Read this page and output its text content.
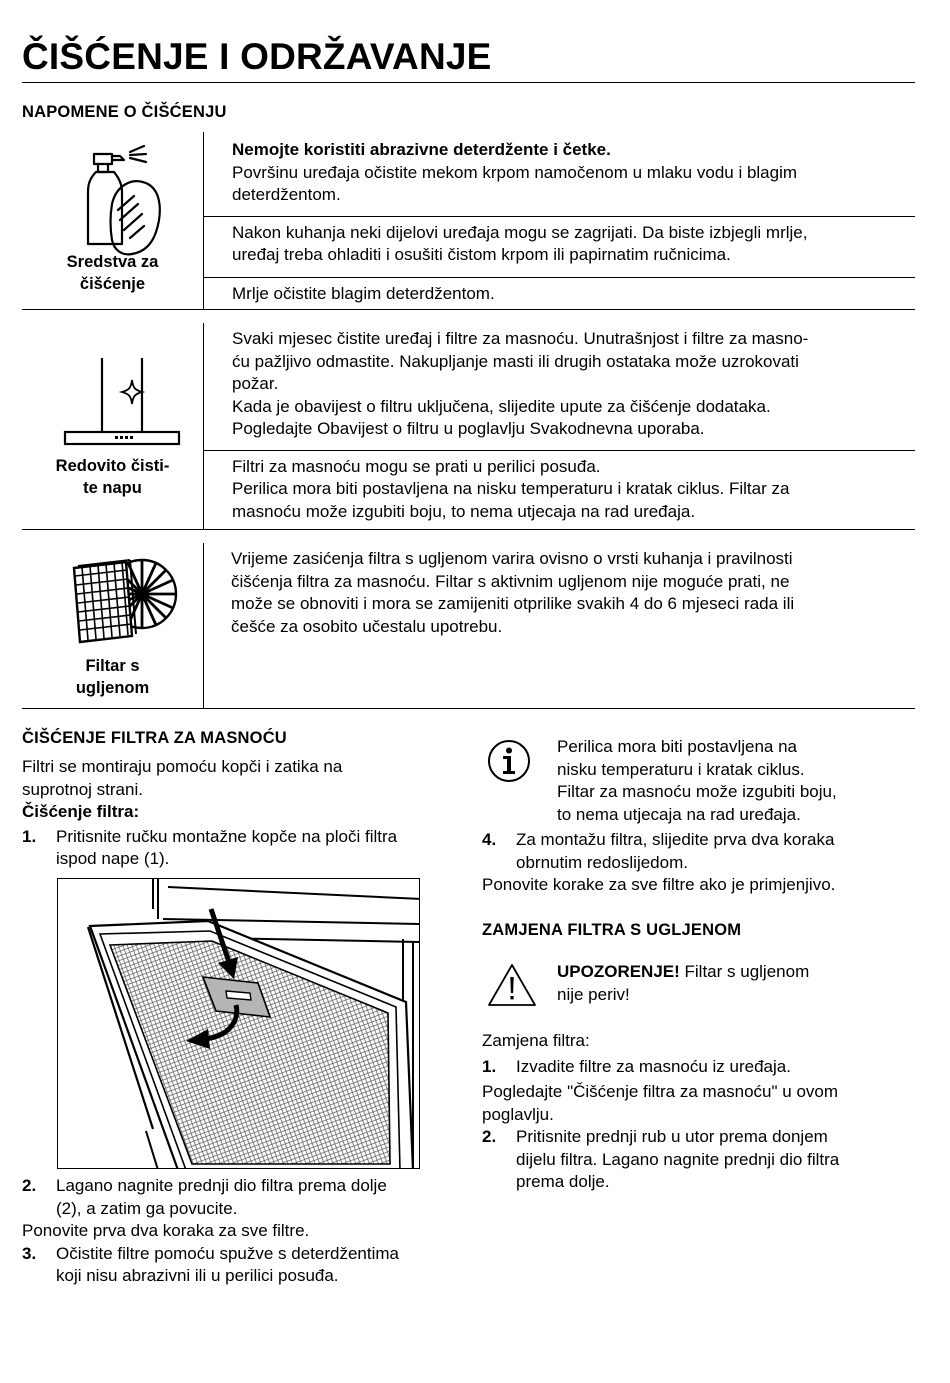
ČIŠĆENJE I ODRŽAVANJE
NAPOMENE O ČIŠĆENJU
Sredstva za
čišćenje
Nemojte koristiti abrazivne deterdžente i četke.
Površinu uređaja očistite mekom krpom namočenom u mlaku vodu i blagim
deterdžentom.
Nakon kuhanja neki dijelovi uređaja mogu se zagrijati. Da biste izbjegli mrlje,
uređaj treba ohladiti i osušiti čistom krpom ili papirnatim ručnicima.
Mrlje očistite blagim deterdžentom.
Redovito čisti-
te napu
Svaki mjesec čistite uređaj i filtre za masnoću. Unutrašnjost i filtre za masno-
ću pažljivo odmastite. Nakupljanje masti ili drugih ostataka može uzrokovati
požar.
Kada je obavijest o filtru uključena, slijedite upute za čišćenje dodataka.
Pogledajte Obavijest o filtru u poglavlju Svakodnevna uporaba.
Filtri za masnoću mogu se prati u perilici posuđa.
Perilica mora biti postavljena na nisku temperaturu i kratak ciklus. Filtar za
masnoću može izgubiti boju, to nema utjecaja na rad uređaja.
Filtar s
ugljenom
Vrijeme zasićenja filtra s ugljenom varira ovisno o vrsti kuhanja i pravilnosti
čišćenja filtra za masnoću. Filtar s aktivnim ugljenom nije moguće prati, ne
može se obnoviti i mora se zamijeniti otprilike svakih 4 do 6 mjeseci rada ili
češće za osobito učestalu upotrebu.
ČIŠĆENJE FILTRA ZA MASNOĆU
Filtri se montiraju pomoću kopči i zatika na
suprotnoj strani.
Čišćenje filtra:
1. Pritisnite ručku montažne kopče na ploči filtra
ispod nape (1).
2. Lagano nagnite prednji dio filtra prema dolje
(2), a zatim ga povucite.
Ponovite prva dva koraka za sve filtre.
3. Očistite filtre pomoću spužve s deterdžentima
koji nisu abrazivni ili u perilici posuđa.
Perilica mora biti postavljena na
nisku temperaturu i kratak ciklus.
Filtar za masnoću može izgubiti boju,
to nema utjecaja na rad uređaja.
4. Za montažu filtra, slijedite prva dva koraka
obrnutim redoslijedom.
Ponovite korake za sve filtre ako je primjenjivo.
ZAMJENA FILTRA S UGLJENOM
UPOZORENJE! Filtar s ugljenom
nije periv!
Zamjena filtra:
1. Izvadite filtre za masnoću iz uređaja.
Pogledajte "Čišćenje filtra za masnoću" u ovom
poglavlju.
2. Pritisnite prednji rub u utor prema donjem
dijelu filtra. Lagano nagnite prednji dio filtra
prema dolje.
